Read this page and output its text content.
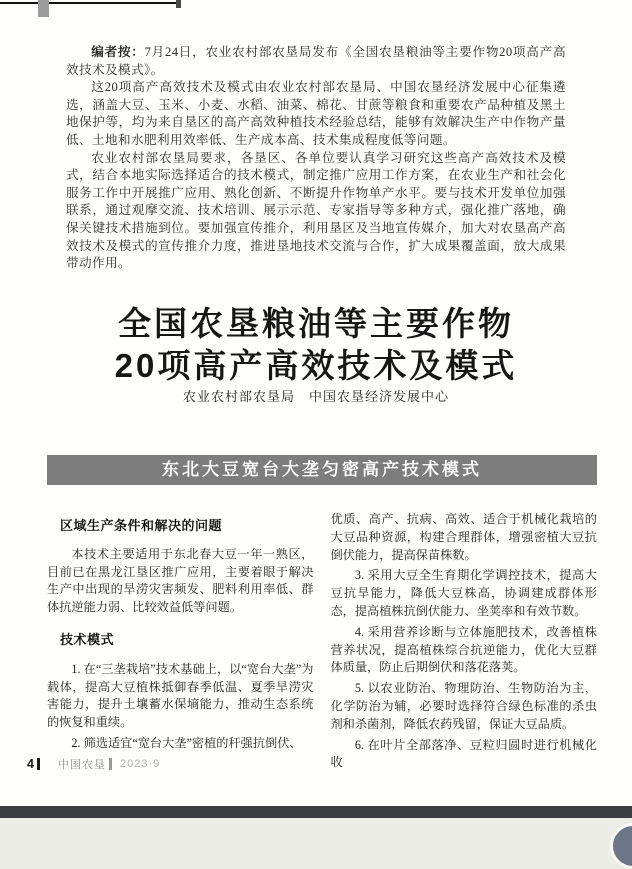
编者按：7月24日，农业农村部农垦局发布《全国农垦粮油等主要作物20项高产高效技术及模式》。

这20项高产高效技术及模式由农业农村部农垦局、中国农垦经济发展中心征集遴选，涵盖大豆、玉米、小麦、水稻、油菜、棉花、甘蔗等粮食和重要农产品种植及黑土地保护等，均为来自垦区的高产高效种植技术经验总结，能够有效解决生产中作物产量低、土地和水肥利用效率低、生产成本高、技术集成程度低等问题。

农业农村部农垦局要求，各垦区、各单位要认真学习研究这些高产高效技术及模式，结合本地实际选择适合的技术模式，制定推广应用工作方案，在农业生产和社会化服务工作中开展推广应用、熟化创新、不断提升作物单产水平。要与技术开发单位加强联系，通过观摩交流、技术培训、展示示范、专家指导等多种方式，强化推广落地，确保关键技术措施到位。要加强宣传推介，利用垦区及当地宣传媒介，加大对农垦高产高效技术及模式的宣传推介力度，推进垦地技术交流与合作，扩大成果覆盖面，放大成果带动作用。

全国农垦粮油等主要作物
20项高产高效技术及模式
农业农村部农垦局　中国农垦经济发展中心
东北大豆宽台大垄匀密高产技术模式
区域生产条件和解决的问题

本技术主要适用于东北春大豆一年一熟区，目前已在黑龙江垦区推广应用，主要着眼于解决生产中出现的旱涝灾害频发、肥料利用率低、群体抗逆能力弱、比较效益低等问题。

技术模式

1. 在“三垄栽培”技术基础上，以“宽台大垄”为载体，提高大豆植株抵御春季低温、夏季旱涝灾害能力，提升土壤蓄水保墒能力，推动生态系统的恢复和重续。

2. 筛选适宜“宽台大垄”密植的秆强抗倒伏、

优质、高产、抗病、高效、适合于机械化栽培的大豆品种资源，构建合理群体，增强密植大豆抗倒伏能力，提高保苗株数。

3. 采用大豆全生育期化学调控技术，提高大豆抗旱能力，降低大豆株高，协调建成群体形态，提高植株抗倒伏能力、坐荚率和有效节数。

4. 采用营养诊断与立体施肥技术，改善植株营养状况，提高植株综合抗逆能力，优化大豆群体质量，防止后期倒伏和落花落荚。

5. 以农业防治、物理防治、生物防治为主，化学防治为辅，必要时选择符合绿色标准的杀虫剂和杀菌剂，降低农药残留，保证大豆品质。

6. 在叶片全部落净、豆粒归圆时进行机械化收

4 中国农垦 2023·9
